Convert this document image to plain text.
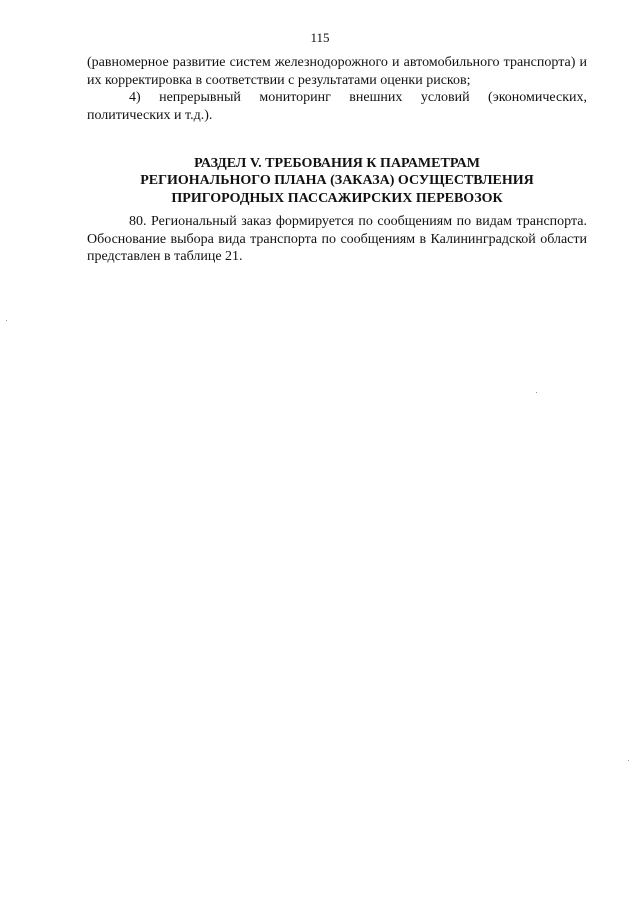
115

(равномерное развитие систем железнодорожного и автомобильного транспорта) и их корректировка в соответствии с результатами оценки рисков;

4) непрерывный мониторинг внешних условий (экономических, политических и т.д.).

РАЗДЕЛ V. ТРЕБОВАНИЯ К ПАРАМЕТРАМ
РЕГИОНАЛЬНОГО ПЛАНА (ЗАКАЗА) ОСУЩЕСТВЛЕНИЯ
ПРИГОРОДНЫХ ПАССАЖИРСКИХ ПЕРЕВОЗОК

80. Региональный заказ формируется по сообщениям по видам транспорта. Обоснование выбора вида транспорта по сообщениям в Калининградской области представлен в таблице 21.
